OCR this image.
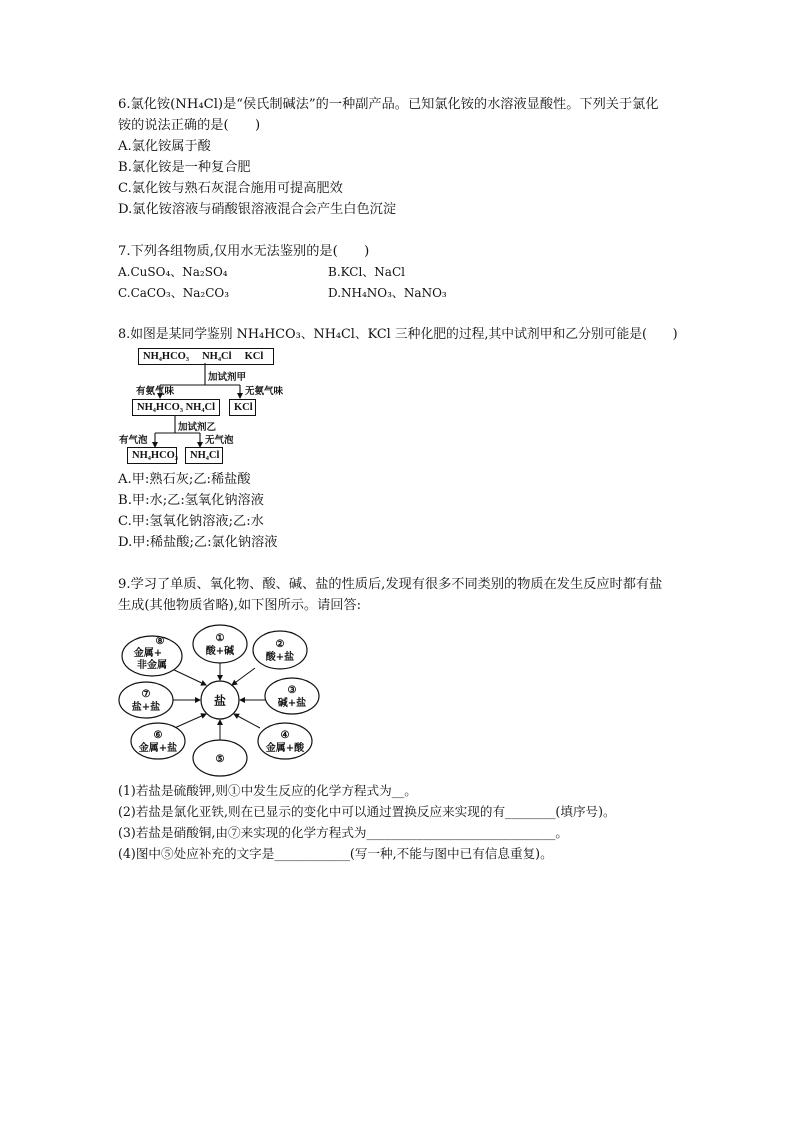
6.氯化铵(NH₄Cl)是“侯氏制碱法”的一种副产品。已知氯化铵的水溶液显酸性。下列关于氯化
铵的说法正确的是(　　)
A.氯化铵属于酸
B.氯化铵是一种复合肥
C.氯化铵与熟石灰混合施用可提高肥效
D.氯化铵溶液与硝酸银溶液混合会产生白色沉淀
7.下列各组物质,仅用水无法鉴别的是(　　)
A.CuSO₄、Na₂SO₄	B.KCl、NaCl
C.CaCO₃、Na₂CO₃	D.NH₄NO₃、NaNO₃
8.如图是某同学鉴别 NH₄HCO₃、NH₄Cl、KCl 三种化肥的过程,其中试剂甲和乙分别可能是(　　)
NH₄HCO₃　 NH₄Cl　 KCl
加试剂甲
有氨气味	无氨气味
NH₄HCO₃ NH₄Cl	KCl
加试剂乙
有气泡	无气泡
NH₄HCO₃	NH₄Cl
A.甲:熟石灰;乙:稀盐酸
B.甲:水;乙:氢氧化钠溶液
C.甲:氢氧化钠溶液;乙:水
D.甲:稀盐酸;乙:氯化钠溶液
9.学习了单质、氧化物、酸、碱、盐的性质后,发现有很多不同类别的物质在发生反应时都有盐
生成(其他物质省略),如下图所示。请回答:
盐
①
酸+碱
②
酸+盐
③
碱+盐
④
金属+酸
⑤
⑥
金属+盐
⑦
盐+盐
⑧
金属+
非金属
(1)若盐是硫酸钾,则①中发生反应的化学方程式为__。
(2)若盐是氯化亚铁,则在已显示的变化中可以通过置换反应来实现的有________(填序号)。
(3)若盐是硝酸铜,由⑦来实现的化学方程式为______________________________。
(4)图中⑤处应补充的文字是____________(写一种,不能与图中已有信息重复)。
